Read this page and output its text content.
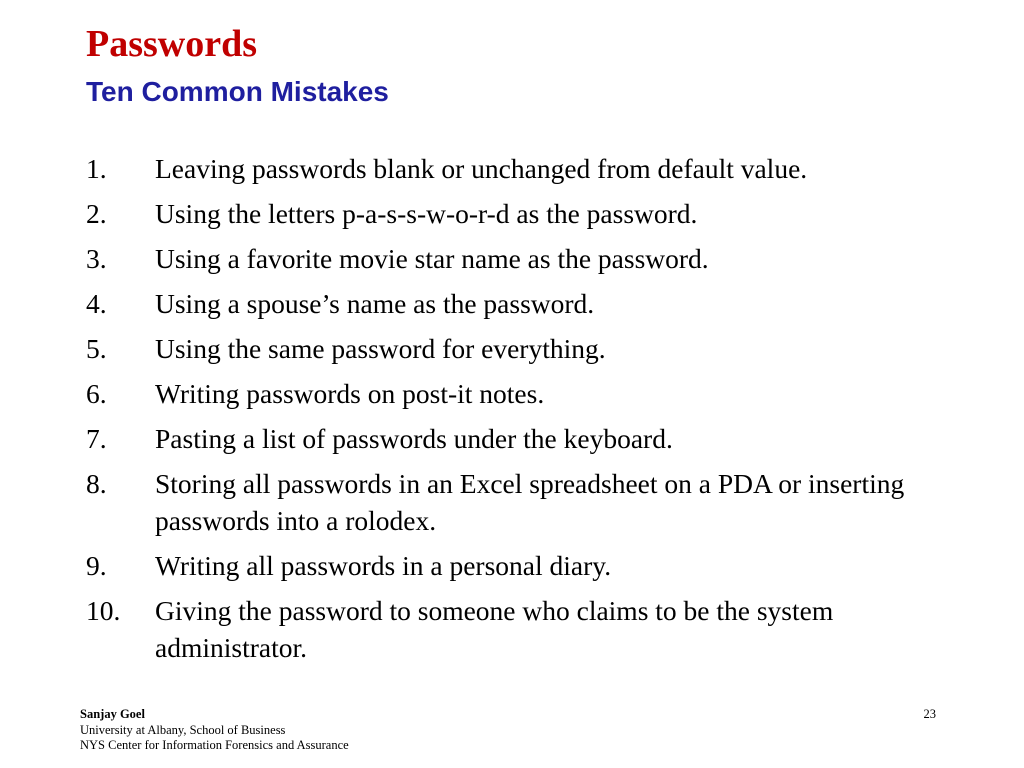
Passwords
Ten Common Mistakes
1.	Leaving passwords blank or unchanged from default value.
2.	Using the letters p-a-s-s-w-o-r-d as the password.
3.	Using a favorite movie star name as the password.
4.	Using a spouse’s name as the password.
5.	Using the same password for everything.
6.	Writing passwords on post-it notes.
7.	Pasting a list of passwords under the keyboard.
8.	Storing all passwords in an Excel spreadsheet on a PDA or inserting passwords into a rolodex.
9.	Writing all passwords in a personal diary.
10.	Giving the password to someone who claims to be the system administrator.
Sanjay Goel
University at Albany, School of Business
NYS Center for Information Forensics and Assurance
23
